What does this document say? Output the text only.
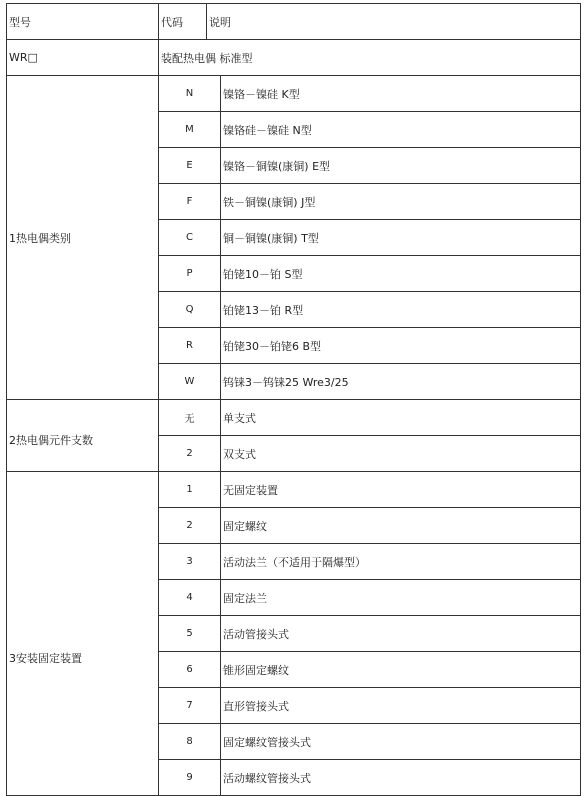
型号	代码	说明	
WR□	装配热电偶 标准型		
1热电偶类别	N		镍铬－镍硅 K型
	M		镍铬硅－镍硅 N型
	E		镍铬－铜镍(康铜) E型
	F		铁－铜镍(康铜) J型
	C		铜－铜镍(康铜) T型
	P		铂铑10－铂 S型
	Q		铂铑13－铂 R型
	R		铂铑30－铂铑6 B型
	W		钨铼3－钨铼25 Wre3/25
2热电偶元件支数	无		单支式
	2		双支式
3安装固定装置	1		无固定装置
	2		固定螺纹
	3		活动法兰（不适用于隔爆型）
	4		固定法兰
	5		活动管接头式
	6		锥形固定螺纹
	7		直形管接头式
	8		固定螺纹管接头式
	9		活动螺纹管接头式
